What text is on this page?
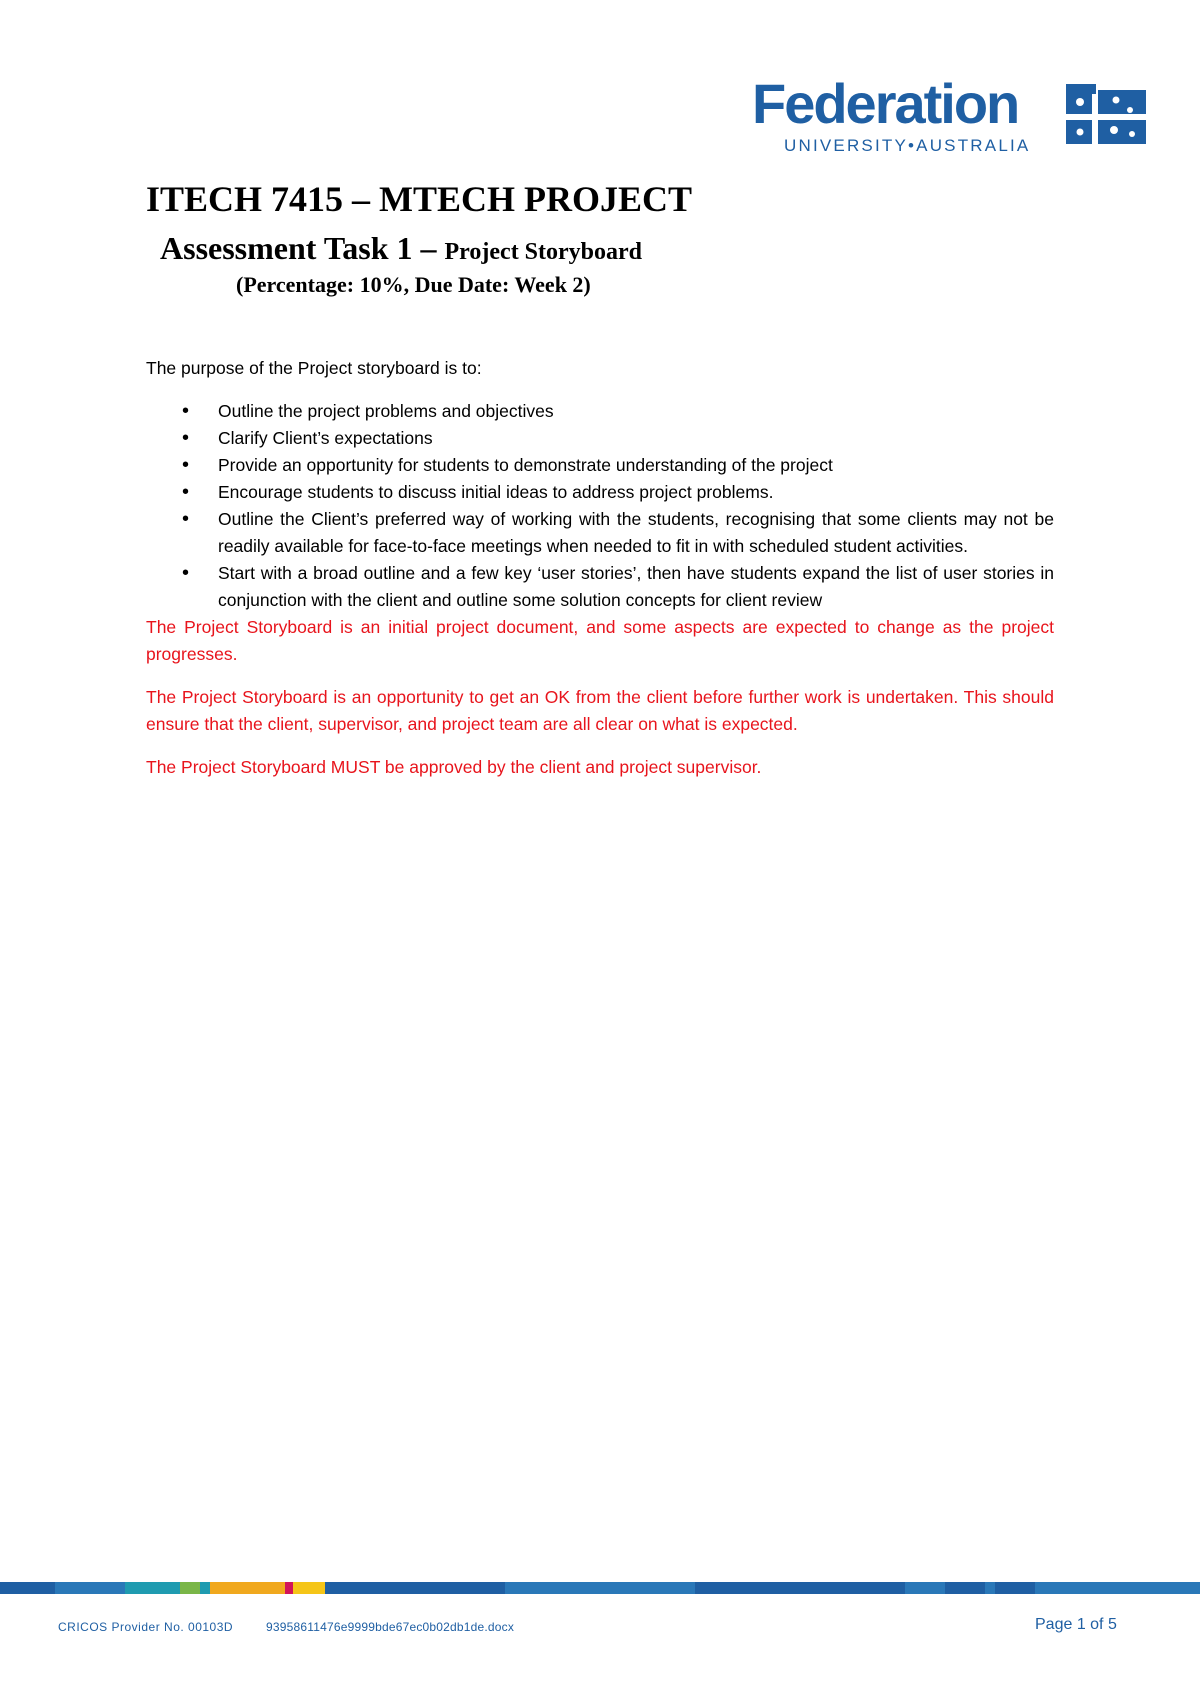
Federation
UNIVERSITY•AUSTRALIA
ITECH 7415 – MTECH PROJECT
Assessment Task 1 – Project Storyboard

(Percentage: 10%, Due Date: Week 2)

The purpose of the Project storyboard is to:

• Outline the project problems and objectives
• Clarify Client’s expectations
• Provide an opportunity for students to demonstrate understanding of the project
• Encourage students to discuss initial ideas to address project problems.
• Outline the Client’s preferred way of working with the students, recognising that some clients may not be readily available for face-to-face meetings when needed to fit in with scheduled student activities.
• Start with a broad outline and a few key ‘user stories’, then have students expand the list of user stories in conjunction with the client and outline some solution concepts for client review

The Project Storyboard is an initial project document, and some aspects are expected to change as the project progresses.

The Project Storyboard is an opportunity to get an OK from the client before further work is undertaken. This should ensure that the client, supervisor, and project team are all clear on what is expected.

The Project Storyboard MUST be approved by the client and project supervisor.

CRICOS Provider No. 00103D	93958611476e9999bde67ec0b02db1de.docx	Page 1 of 5
